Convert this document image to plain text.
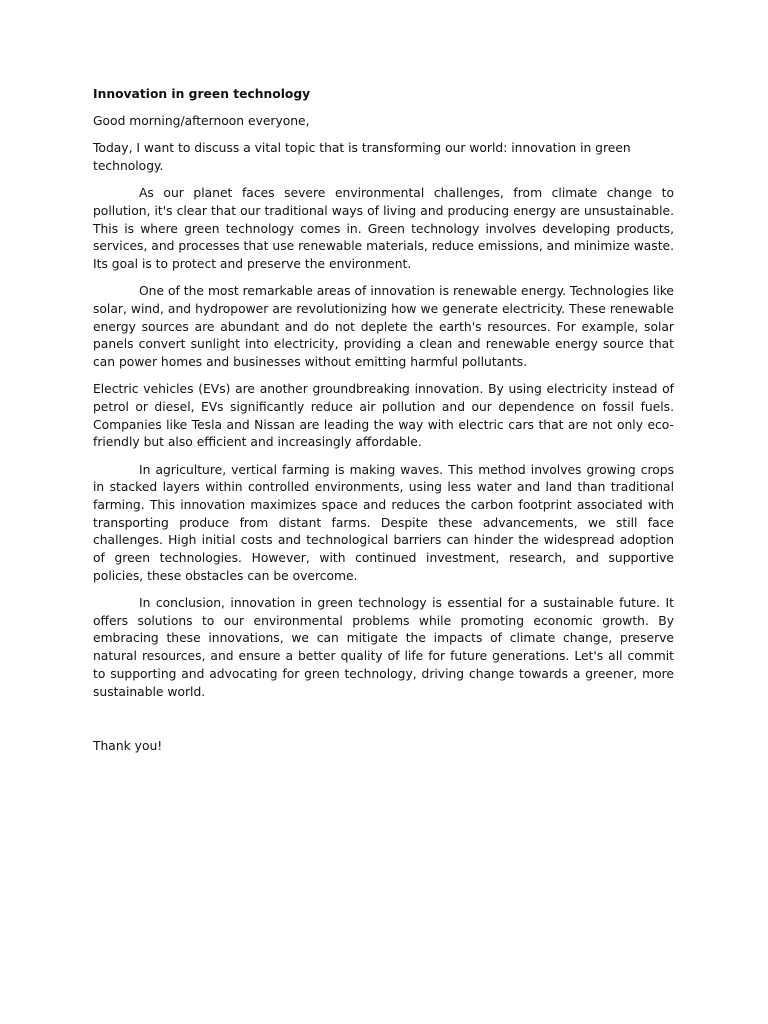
Innovation in green technology

Good morning/afternoon everyone,

Today, I want to discuss a vital topic that is transforming our world: innovation in green technology.

As our planet faces severe environmental challenges, from climate change to pollution, it's clear that our traditional ways of living and producing energy are unsustainable. This is where green technology comes in. Green technology involves developing products, services, and processes that use renewable materials, reduce emissions, and minimize waste. Its goal is to protect and preserve the environment.

One of the most remarkable areas of innovation is renewable energy. Technologies like solar, wind, and hydropower are revolutionizing how we generate electricity. These renewable energy sources are abundant and do not deplete the earth's resources. For example, solar panels convert sunlight into electricity, providing a clean and renewable energy source that can power homes and businesses without emitting harmful pollutants.

Electric vehicles (EVs) are another groundbreaking innovation. By using electricity instead of petrol or diesel, EVs significantly reduce air pollution and our dependence on fossil fuels. Companies like Tesla and Nissan are leading the way with electric cars that are not only eco-friendly but also efficient and increasingly affordable.

In agriculture, vertical farming is making waves. This method involves growing crops in stacked layers within controlled environments, using less water and land than traditional farming. This innovation maximizes space and reduces the carbon footprint associated with transporting produce from distant farms. Despite these advancements, we still face challenges. High initial costs and technological barriers can hinder the widespread adoption of green technologies. However, with continued investment, research, and supportive policies, these obstacles can be overcome.

In conclusion, innovation in green technology is essential for a sustainable future. It offers solutions to our environmental problems while promoting economic growth. By embracing these innovations, we can mitigate the impacts of climate change, preserve natural resources, and ensure a better quality of life for future generations. Let's all commit to supporting and advocating for green technology, driving change towards a greener, more sustainable world.

Thank you!
